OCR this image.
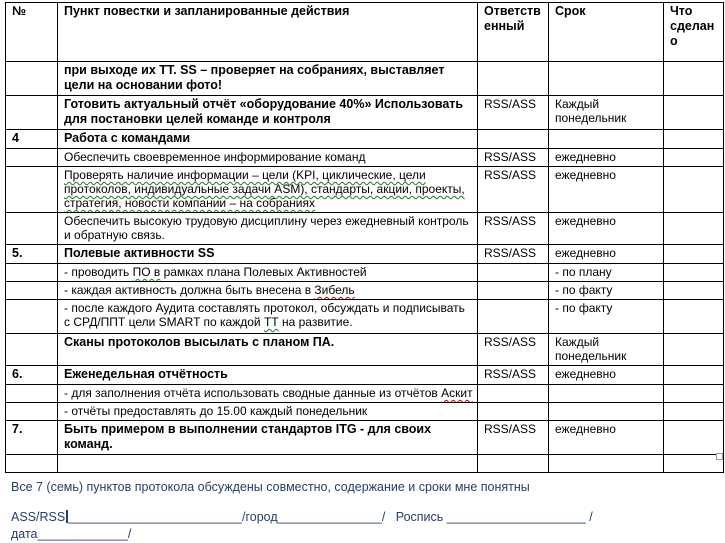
№	Пункт повестки и запланированные действия	Ответственный	Срок	Что сделано
	при выходе их ТТ. SS – проверяет на собраниях, выставляет цели на основании фото!			
	Готовить актуальный отчёт «оборудование 40%» Использовать для постановки целей команде и контроля	RSS/ASS	Каждый понедельник	
4	Работа с командами			
	Обеспечить своевременное информирование команд	RSS/ASS	ежедневно	
	Проверять наличие информации – цели (KPI, циклические, цели протоколов, индивидуальные задачи ASM), стандарты, акции, проекты, стратегия, новости компании – на собраниях	RSS/ASS	ежедневно	
	Обеспечить высокую трудовую дисциплину через ежедневный контроль и обратную связь.	RSS/ASS	ежедневно	
5.	Полевые активности SS	RSS/ASS	ежедневно	
	- проводить ПО в рамках плана Полевых Активностей		- по плану	
	- каждая активность должна быть внесена в Зибель		- по факту	
	- после каждого Аудита составлять протокол, обсуждать и подписывать с СРД/ППТ цели SMART по каждой ТТ на развитие.		- по факту	
	Сканы протоколов высылать с планом ПА.	RSS/ASS	Каждый понедельник	
6.	Еженедельная отчётность	RSS/ASS	ежедневно	
	- для заполнения отчёта использовать сводные данные из отчётов Аскит			
	- отчёты предоставлять до 15.00 каждый понедельник			
7.	Быть примером в выполнении стандартов ITG - для своих команд.	RSS/ASS	ежедневно	

Все 7 (семь) пунктов протокола обсуждены совместно, содержание и сроки мне понятны

ASS/RSS _________________________/город_______________/   Роспись ____________________ /

дата_____________/
